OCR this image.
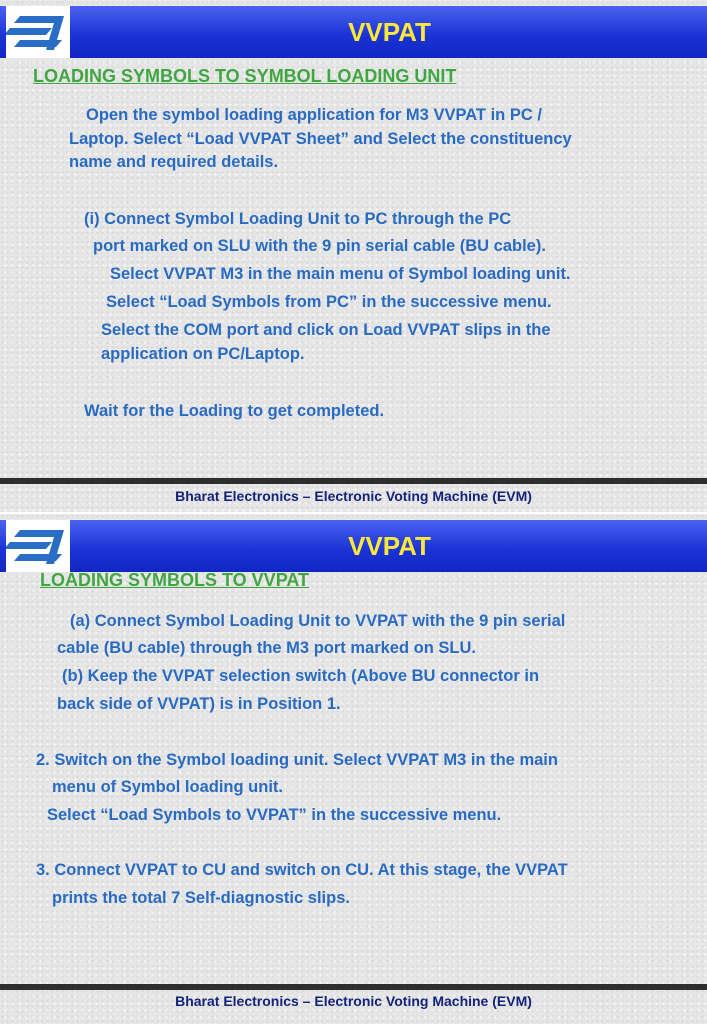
VVPAT
LOADING SYMBOLS TO SYMBOL LOADING UNIT
Open the symbol loading application for M3 VVPAT in PC /
Laptop. Select “Load VVPAT Sheet” and Select the constituency
name and required details.
(i) Connect Symbol Loading Unit to PC through the PC
port marked on SLU with the 9 pin serial cable (BU cable).
Select VVPAT M3 in the main menu of Symbol loading unit.
Select “Load Symbols from PC” in the successive menu.
Select the COM port and click on Load VVPAT slips in the
application on PC/Laptop.
Wait for the Loading to get completed.
Bharat Electronics – Electronic Voting Machine (EVM)
VVPAT
LOADING SYMBOLS TO VVPAT
(a) Connect Symbol Loading Unit to VVPAT with the 9 pin serial
cable (BU cable) through the M3 port marked on SLU.
(b) Keep the VVPAT selection switch (Above BU connector in
back side of VVPAT) is in Position 1.
2. Switch on the Symbol loading unit. Select VVPAT M3 in the main
menu of Symbol loading unit.
Select “Load Symbols to VVPAT” in the successive menu.
3. Connect VVPAT to CU and switch on CU. At this stage, the VVPAT
prints the total 7 Self-diagnostic slips.
Bharat Electronics – Electronic Voting Machine (EVM)
